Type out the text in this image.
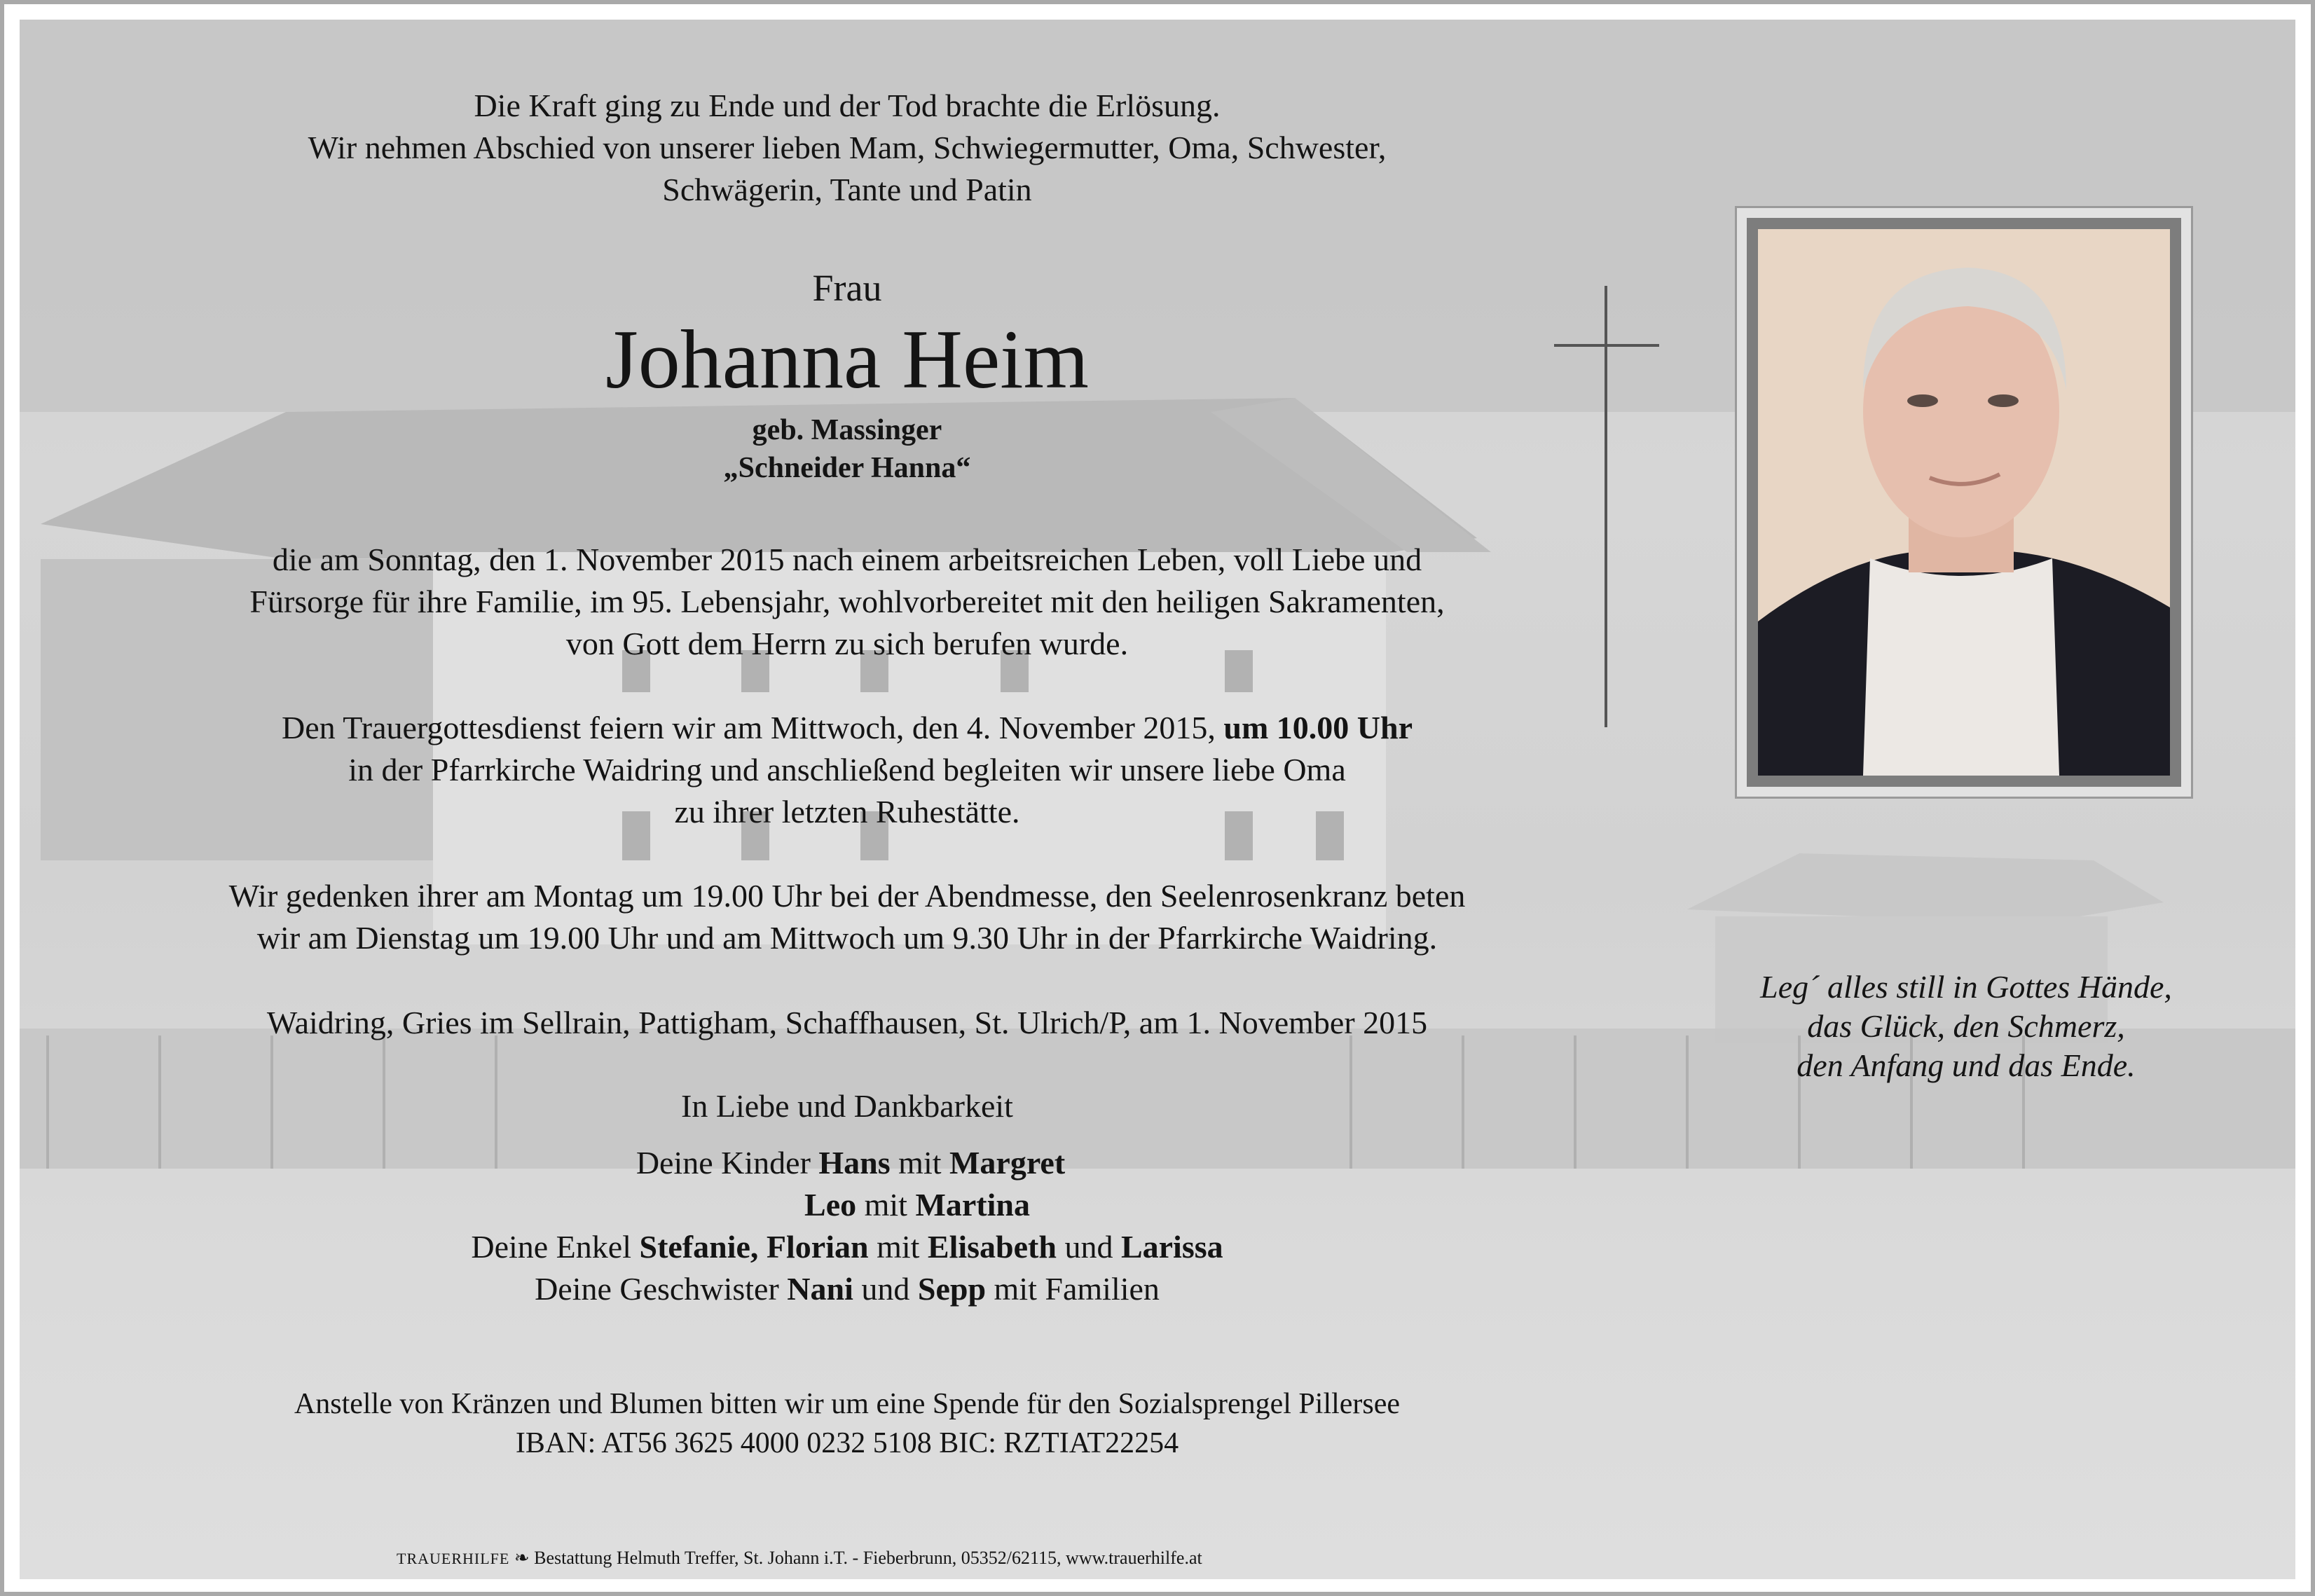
Die Kraft ging zu Ende und der Tod brachte die Erlösung.
Wir nehmen Abschied von unserer lieben Mam, Schwiegermutter, Oma, Schwester,
Schwägerin, Tante und Patin
Frau
Johanna Heim
geb. Massinger
„Schneider Hanna“
die am Sonntag, den 1. November 2015 nach einem arbeitsreichen Leben, voll Liebe und
Fürsorge für ihre Familie, im 95. Lebensjahr, wohlvorbereitet mit den heiligen Sakramenten,
von Gott dem Herrn zu sich berufen wurde.
Den Trauergottesdienst feiern wir am Mittwoch, den 4. November 2015, um 10.00 Uhr
in der Pfarrkirche Waidring und anschließend begleiten wir unsere liebe Oma
zu ihrer letzten Ruhestätte.
Wir gedenken ihrer am Montag um 19.00 Uhr bei der Abendmesse, den Seelenrosenkranz beten
wir am Dienstag um 19.00 Uhr und am Mittwoch um 9.30 Uhr in der Pfarrkirche Waidring.
Waidring, Gries im Sellrain, Pattigham, Schaffhausen, St. Ulrich/P, am 1. November 2015
In Liebe und Dankbarkeit
Deine Kinder Hans mit Margret
Leo mit Martina
Deine Enkel Stefanie, Florian mit Elisabeth und Larissa
Deine Geschwister Nani und Sepp mit Familien
Anstelle von Kränzen und Blumen bitten wir um eine Spende für den Sozialsprengel Pillersee
IBAN: AT56 3625 4000 0232 5108 BIC: RZTIAT22254
Leg´ alles still in Gottes Hände,
das Glück, den Schmerz,
den Anfang und das Ende.
TRAUERHILFE ❧ Bestattung Helmuth Treffer, St. Johann i.T. - Fieberbrunn, 05352/62115, www.trauerhilfe.at
